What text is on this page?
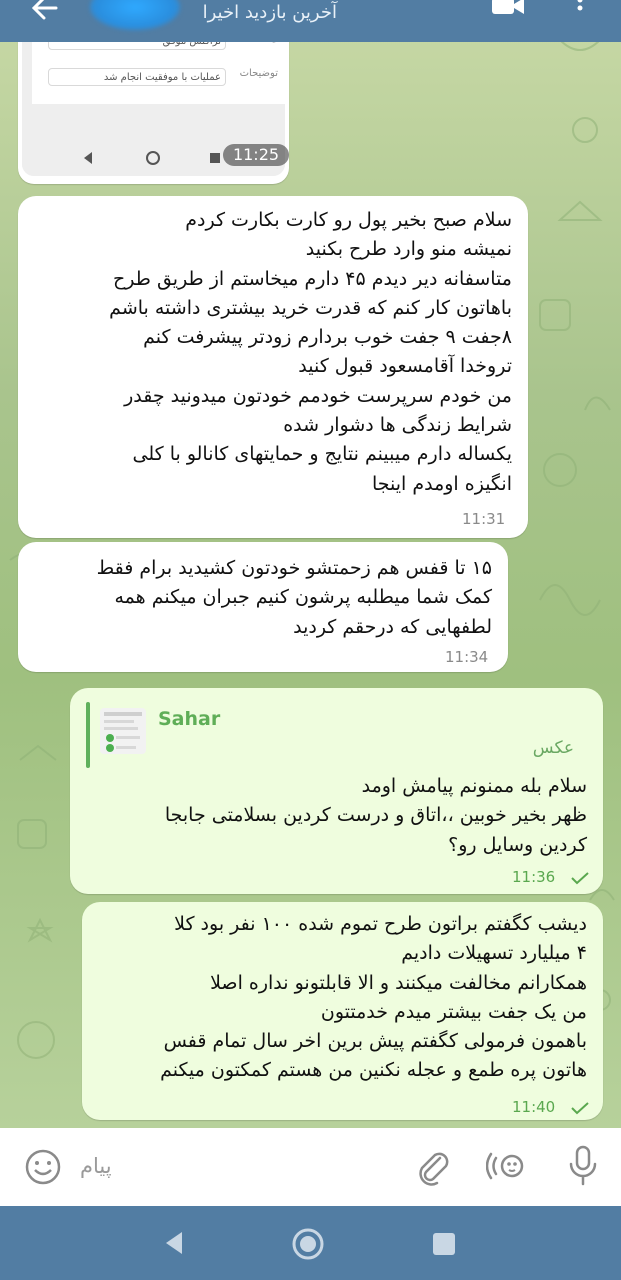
توضیحات
عملیات با موفقیت انجام شد
11:25
سلام صبح بخیر پول رو کارت بکارت کردم
نمیشه منو وارد طرح بکنید
متاسفانه دیر دیدم ۴۵ دارم میخاستم از طریق طرح
باهاتون کار کنم که قدرت خرید بیشتری داشته باشم
۸جفت ۹ جفت خوب بردارم زودتر پیشرفت کنم
تروخدا آقامسعود قبول کنید
من خودم سرپرست خودمم خودتون میدونید چقدر
شرایط زندگی ها دشوار شده
یکساله دارم میبینم نتایج و حمایتهای کانالو با کلی
انگیزه اومدم اینجا
11:31
۱۵ تا قفس هم زحمتشو خودتون کشیدید برام فقط
کمک شما میطلبه پرشون کنیم جبران میکنم همه
لطفهایی که درحقم کردید
11:34
Sahar
عکس
سلام بله ممنونم پیامش اومد
ظهر بخیر خوبین ،،اتاق و درست کردین بسلامتی جابجا
کردین وسایل رو؟
11:36
دیشب کگفتم براتون طرح تموم شده ۱۰۰ نفر بود کلا
۴ میلیارد تسهیلات دادیم
همکارانم مخالفت میکنند و الا قابلتونو نداره اصلا
من یک جفت بیشتر میدم خدمتتون
باهمون فرمولی کگفتم پیش برین اخر سال تمام قفس
هاتون پره طمع و عجله نکنین من هستم کمکتون میکنم
11:40
آخرین بازدید اخیرا
پیام
